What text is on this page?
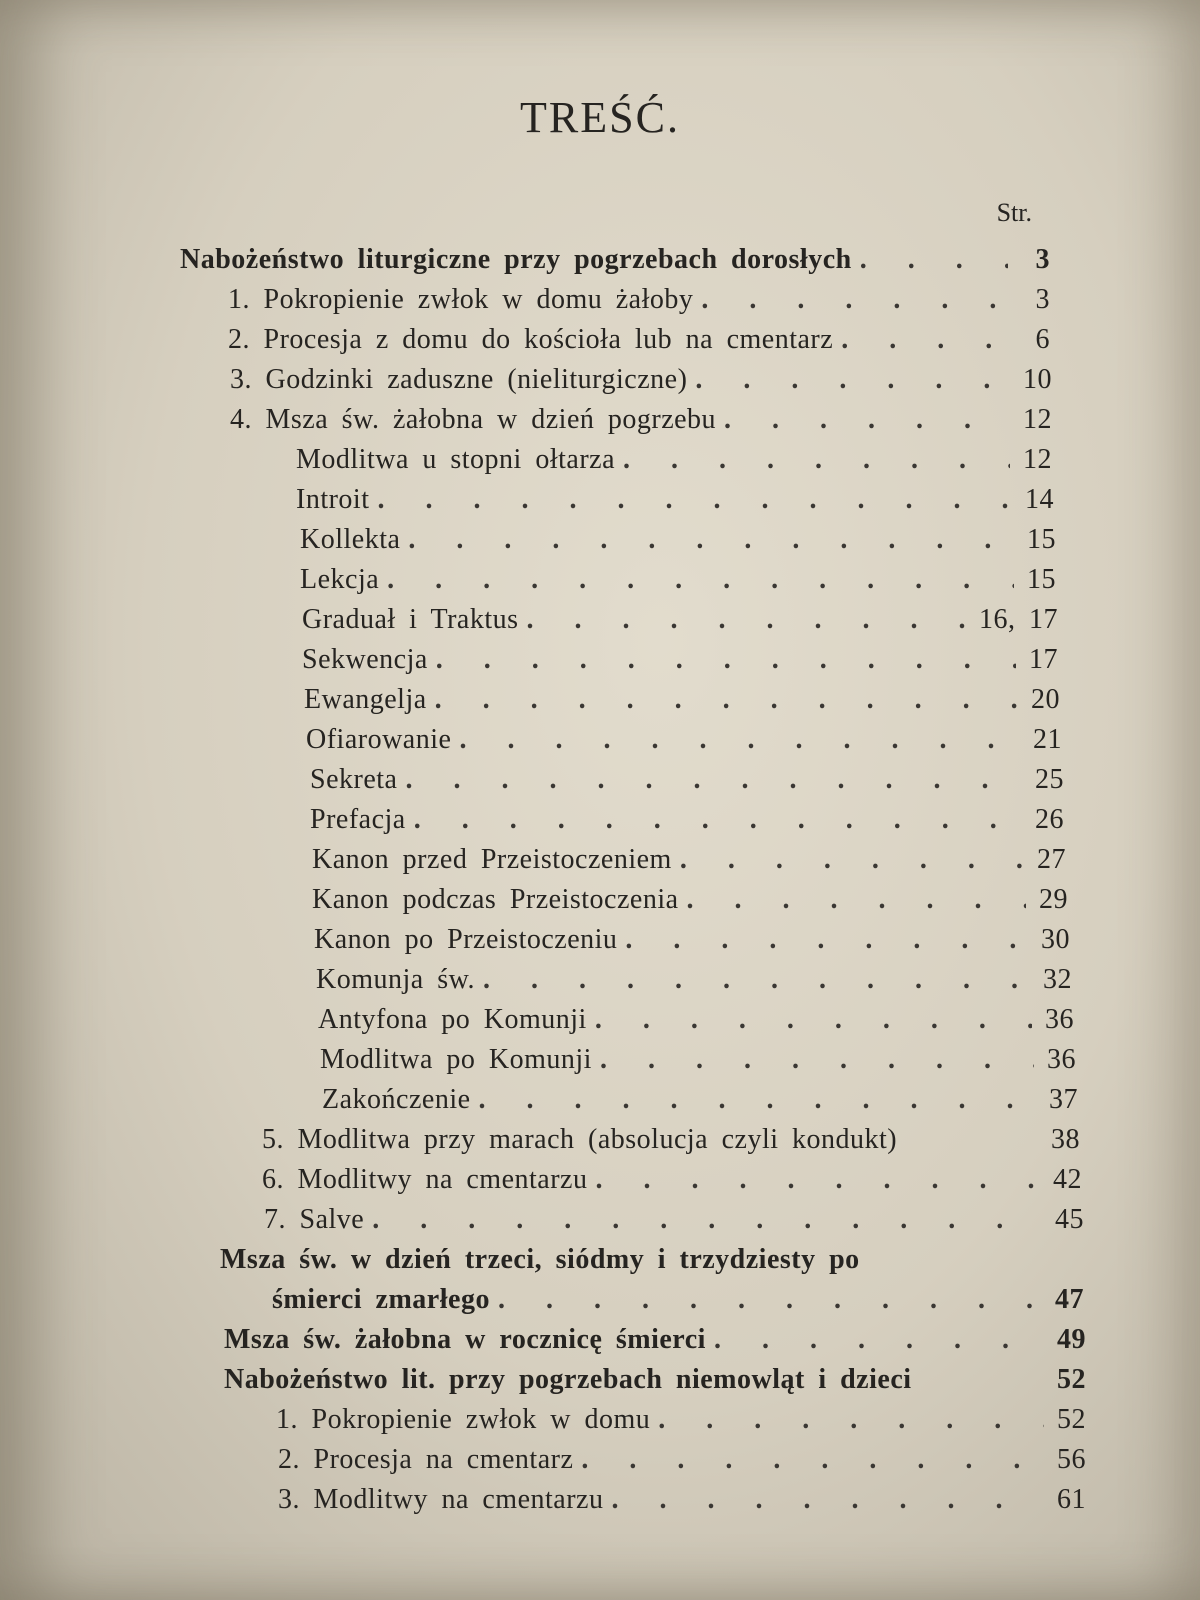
TREŚĆ.
Str.
Nabożeństwo liturgiczne przy pogrzebach dorosłych . . .	3
1. Pokropienie zwłok w domu żałoby . . .	3
2. Procesja z domu do kościoła lub na cmentarz . . .	6
3. Godzinki zaduszne (nieliturgiczne) . . .	10
4. Msza św. żałobna w dzień pogrzebu . . .	12
Modlitwa u stopni ołtarza . . .	12
Introit . . .	14
Kollekta . . .	15
Lekcja . . .	15
Graduał i Traktus . . .	16, 17
Sekwencja . . .	17
Ewangelja . . .	20
Ofiarowanie . . .	21
Sekreta . . .	25
Prefacja . . .	26
Kanon przed Przeistoczeniem . . .	27
Kanon podczas Przeistoczenia . . .	29
Kanon po Przeistoczeniu . . .	30
Komunja św. . . .	32
Antyfona po Komunji . . .	36
Modlitwa po Komunji . . .	36
Zakończenie . . .	37
5. Modlitwa przy marach (absolucja czyli kondukt)	38
6. Modlitwy na cmentarzu . . .	42
7. Salve . . .	45
Msza św. w dzień trzeci, siódmy i trzydziesty po
śmierci zmarłego . . .	47
Msza św. żałobna w rocznicę śmierci . . .	49
Nabożeństwo lit. przy pogrzebach niemowląt i dzieci	52
1. Pokropienie zwłok w domu . . .	52
2. Procesja na cmentarz . . .	56
3. Modlitwy na cmentarzu . . .	61
